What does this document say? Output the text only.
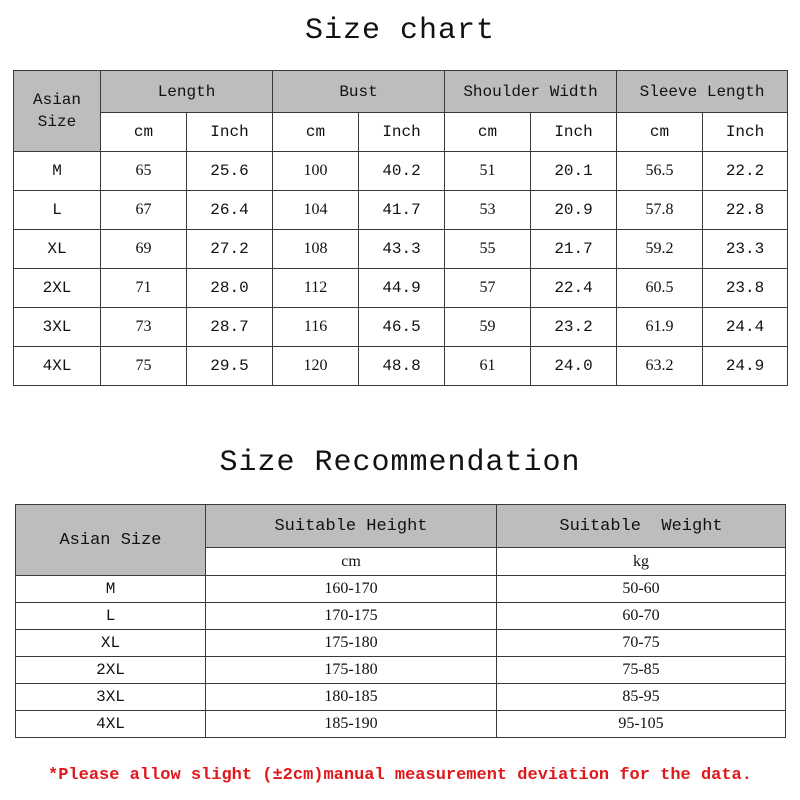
Size chart
Asian Size	Length		Bust		Shoulder Width		Sleeve Length	
	cm	Inch	cm	Inch	cm	Inch	cm	Inch
M	65	25.6	100	40.2	51	20.1	56.5	22.2
L	67	26.4	104	41.7	53	20.9	57.8	22.8
XL	69	27.2	108	43.3	55	21.7	59.2	23.3
2XL	71	28.0	112	44.9	57	22.4	60.5	23.8
3XL	73	28.7	116	46.5	59	23.2	61.9	24.4
4XL	75	29.5	120	48.8	61	24.0	63.2	24.9
Size Recommendation
Asian Size	Suitable Height	Suitable  Weight
	cm	kg
M	160-170	50-60
L	170-175	60-70
XL	175-180	70-75
2XL	175-180	75-85
3XL	180-185	85-95
4XL	185-190	95-105
*Please allow slight (±2cm)manual measurement deviation for the data.
